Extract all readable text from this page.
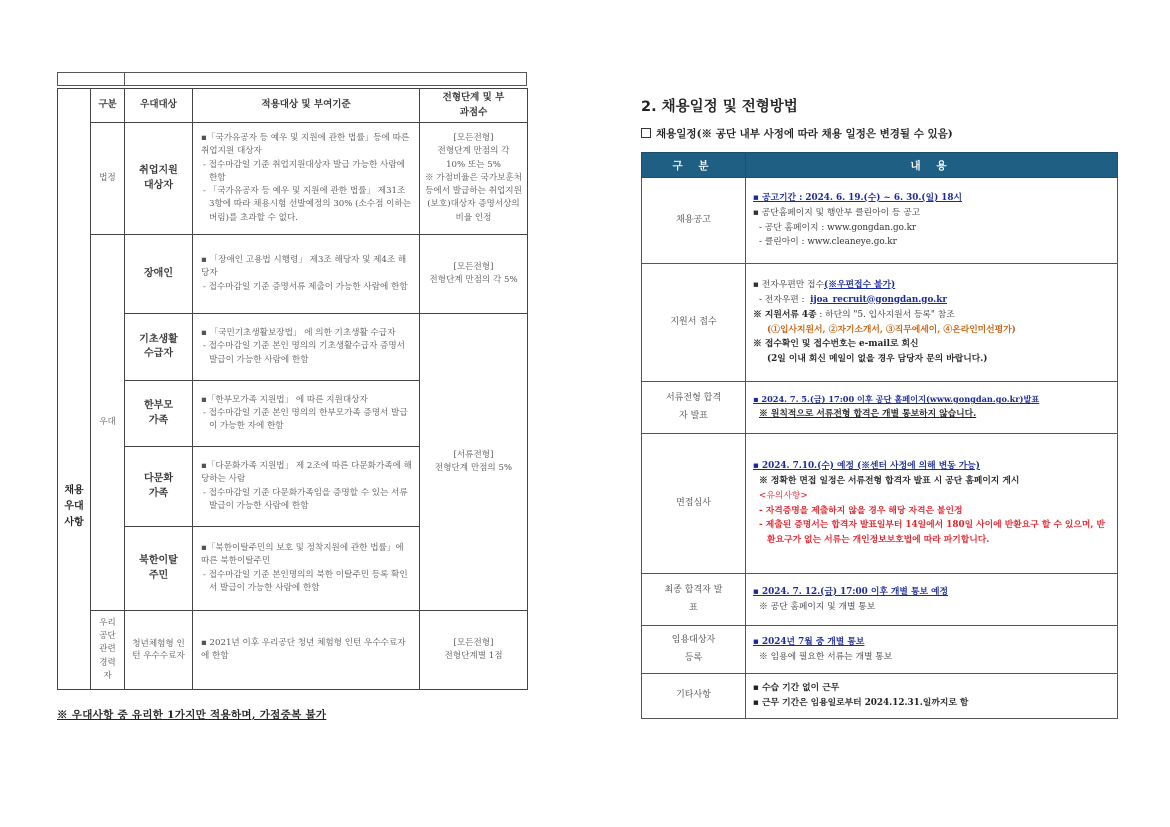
채용 우대 사항	구분	우대대상	적용대상 및 부여기준	전형단계 및 부과점수
	법정	취업지원 대상자	▪「국가유공자 등 예우 및 지원에 관한 법률」등에 따른 취업지원 대상자
- 접수마감일 기준 취업지원대상자 발급 가능한 사람에 한함
- 「국가유공자 등 예우 및 지원에 관한 법률」 제31조 3항에 따라 채용시험 선발예정의 30% (소수점 이하는 버림)를 초과할 수 없다.	[모든전형]
전형단계 만점의 각
10% 또는 5%
※ 가점비율은 국가보훈처 등에서 발급하는 취업지원(보호)대상자 증명서상의 비율 인정

	우대	장애인	▪ 「장애인 고용법 시행령」 제3조 해당자 및 제4조 해당자
- 접수마감일 기준 증명서류 제출이 가능한 사람에 한함	[모든전형]
전형단계 만점의 각 5%

		기초생활 수급자	▪ 「국민기초생활보장법」 에 의한 기초생활 수급자
- 접수마감일 기준 본인 명의의 기초생활수급자 증명서 발급이 가능한 사람에 한함	[서류전형]
전형단계 만점의 5%

		한부모 가족	▪「한부모가족 지원법」 에 따른 지원대상자
- 접수마감일 기준 본인 명의의 한부모가족 증명서 발급이 가능한 자에 한함	

		다문화 가족	▪「다문화가족 지원법」 제 2조에 따른 다문화가족에 해당하는 사람
- 접수마감일 기준 다문화가족임을 증명할 수 있는 서류발급이 가능한 사람에 한함	

		북한이탈 주민	▪「북한이탈주민의 보호 및 정착지원에 관한 법률」에 따른 북한이탈주민
- 접수마감일 기준 본인명의의 북한 이탈주민 등록 확인서 발급이 가능한 사람에 한함	

	우리 공단 관련 경력자	청년체험형 인턴 우수수료자	▪ 2021년 이후 우리공단 청년 체험형 인턴 우수수료자에 한함	[모든전형]
전형단계별 1점
※ 우대사항 중 유리한 1가지만 적용하며, 가점중복 불가
2. 채용일정 및 전형방법
채용일정(※ 공단 내부 사정에 따라 채용 일정은 변경될 수 있음)
구 분	내 용
채용공고	▪ 공고기간 : 2024. 6. 19.(수) ~ 6. 30.(일) 18시
▪ 공단홈페이지 및 행안부 클린아이 등 공고
- 공단 홈페이지 : www.gongdan.go.kr
- 클린아이 : www.cleaneye.go.kr

지원서 접수	
▪ 전자우편만 접수(※우편접수 불가)
- 전자우편 :  ijoa_recruit@gongdan.go.kr
※ 지원서류 4종 : 하단의 "5. 입사지원서 등록" 참조
(①입사지원서, ②자기소개서, ③직무에세이, ④온라인미선평가)
※ 접수확인 및 접수번호는 e-mail로 회신
(2일 이내 회신 메일이 없을 경우 담당자 문의 바랍니다.)

서류전형 합격자 발표	▪ 2024. 7. 5.(금) 17:00 이후 공단 홈페이지(www.gongdan.go.kr)발표
※ 원칙적으로 서류전형 합격은 개별 통보하지 않습니다.

면접심사	▪ 2024. 7.10.(수) 예정 (※센터 사정에 의해 변동 가능)
※ 정확한 면접 일정은 서류전형 합격자 발표 시 공단 홈페이지 게시
<유의사항>
- 자격증명을 제출하지 않을 경우 해당 자격은 불인정
- 제출된 증명서는 합격자 발표일부터 14일에서 180일 사이에 반환요구 할 수 있으며, 반환요구가 없는 서류는 개인정보보호법에 따라 파기합니다.

최종 합격자 발표	▪ 2024. 7. 12.(금) 17:00 이후 개별 통보 예정
※ 공단 홈페이지 및 개별 통보

임용대상자 등록	▪ 2024년 7월 중 개별 통보
※ 임용에 필요한 서류는 개별 통보

기타사항	▪ 수습 기간 없이 근무
▪ 근무 기간은 임용일로부터 2024.12.31.일까지로 함
